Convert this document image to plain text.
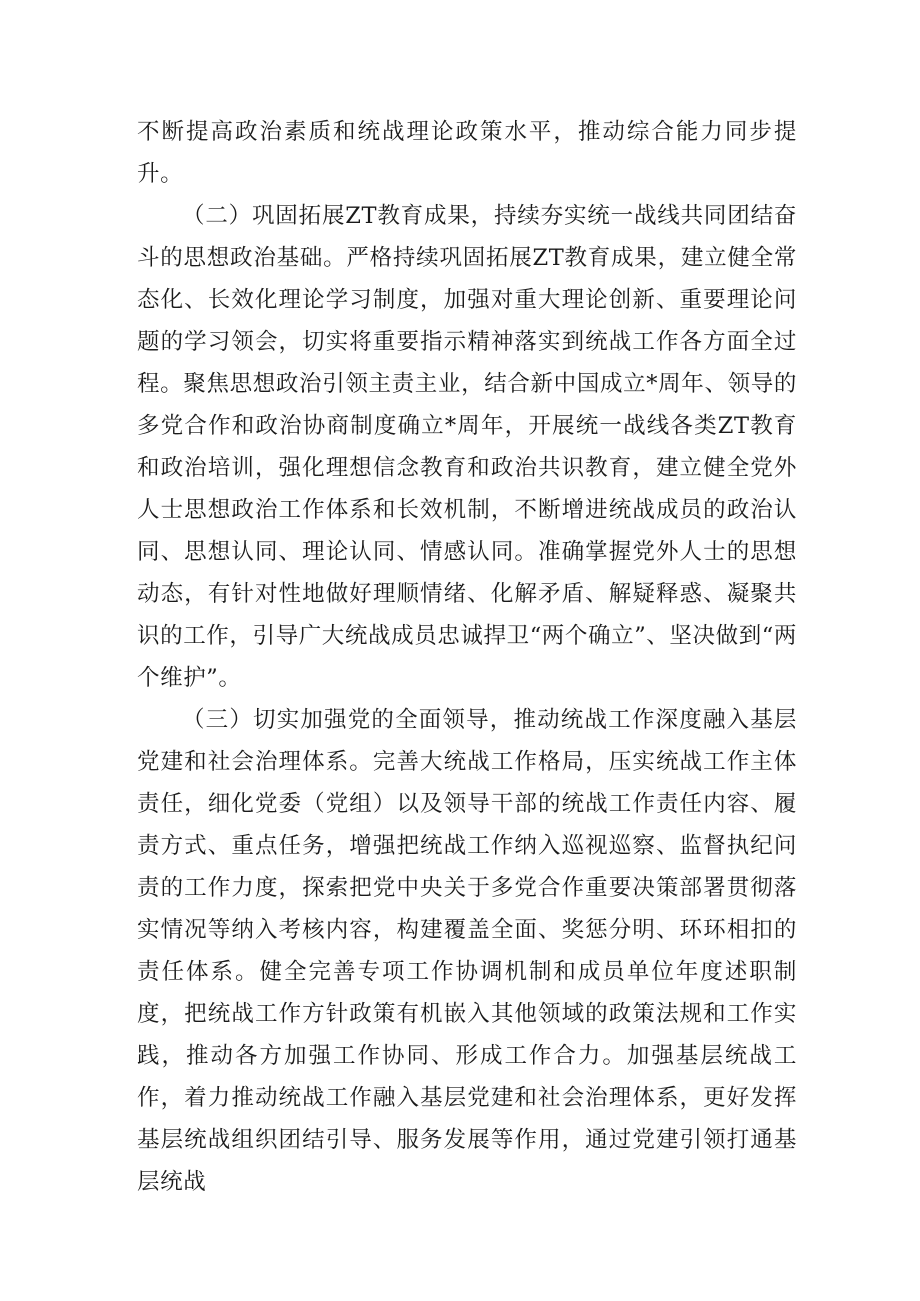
不断提高政治素质和统战理论政策水平，推动综合能力同步提升。

（二）巩固拓展ZT教育成果，持续夯实统一战线共同团结奋斗的思想政治基础。严格持续巩固拓展ZT教育成果，建立健全常态化、长效化理论学习制度，加强对重大理论创新、重要理论问题的学习领会，切实将重要指示精神落实到统战工作各方面全过程。聚焦思想政治引领主责主业，结合新中国成立*周年、领导的多党合作和政治协商制度确立*周年，开展统一战线各类ZT教育和政治培训，强化理想信念教育和政治共识教育，建立健全党外人士思想政治工作体系和长效机制，不断增进统战成员的政治认同、思想认同、理论认同、情感认同。准确掌握党外人士的思想动态，有针对性地做好理顺情绪、化解矛盾、解疑释惑、凝聚共识的工作，引导广大统战成员忠诚捍卫“两个确立”、坚决做到“两个维护”。

（三）切实加强党的全面领导，推动统战工作深度融入基层党建和社会治理体系。完善大统战工作格局，压实统战工作主体责任，细化党委（党组）以及领导干部的统战工作责任内容、履责方式、重点任务，增强把统战工作纳入巡视巡察、监督执纪问责的工作力度，探索把党中央关于多党合作重要决策部署贯彻落实情况等纳入考核内容，构建覆盖全面、奖惩分明、环环相扣的责任体系。健全完善专项工作协调机制和成员单位年度述职制度，把统战工作方针政策有机嵌入其他领域的政策法规和工作实践，推动各方加强工作协同、形成工作合力。加强基层统战工作，着力推动统战工作融入基层党建和社会治理体系，更好发挥基层统战组织团结引导、服务发展等作用，通过党建引领打通基层统战
